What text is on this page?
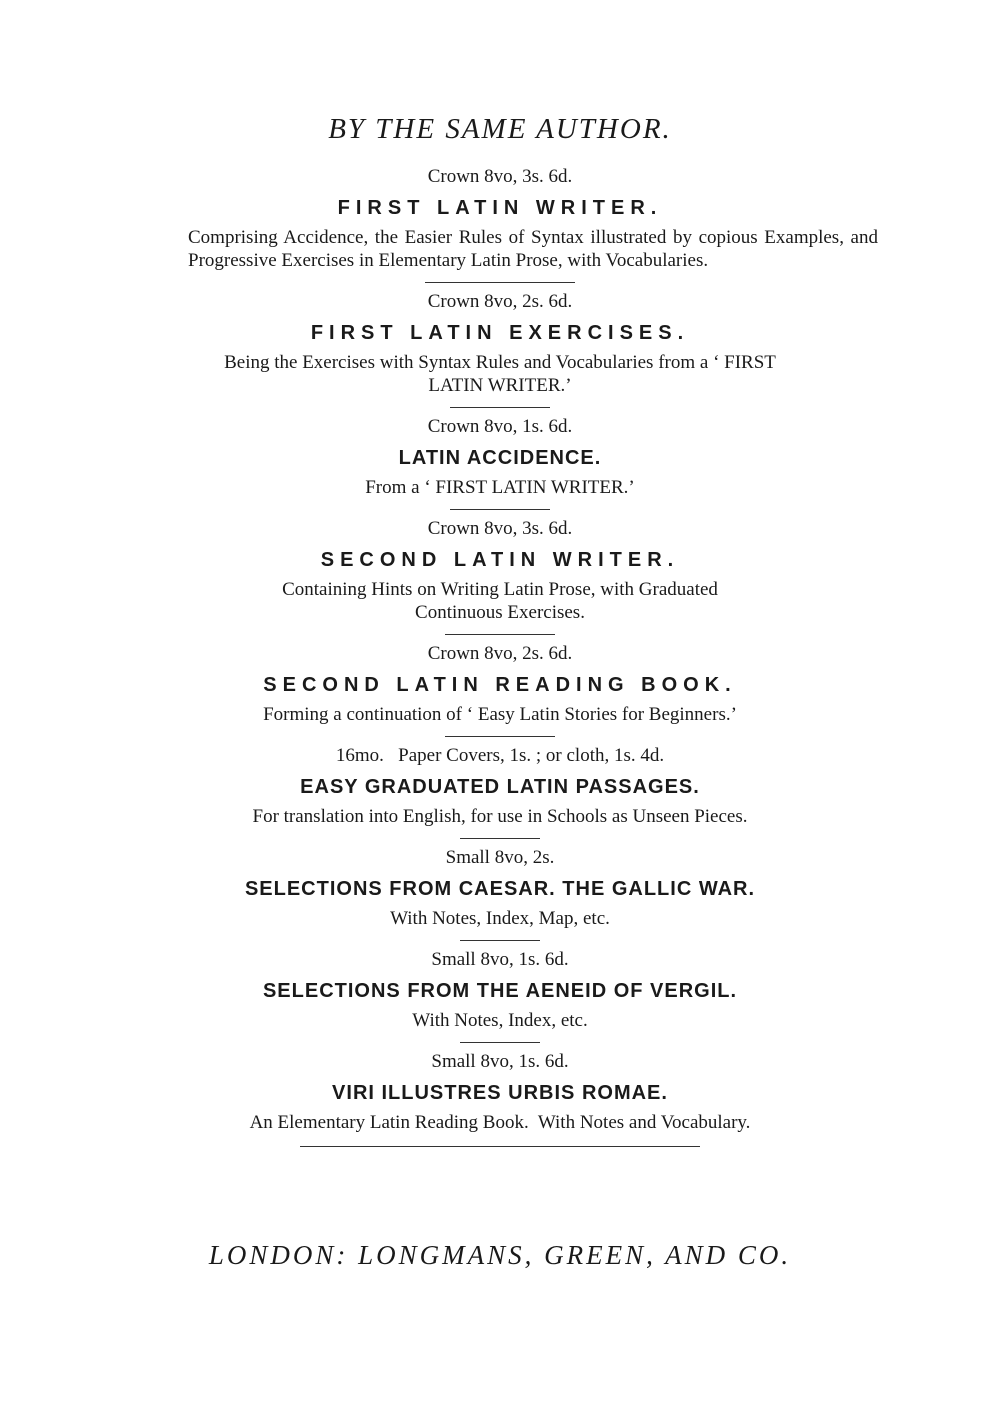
BY THE SAME AUTHOR.
Crown 8vo, 3s. 6d.
FIRST LATIN WRITER.
Comprising Accidence, the Easier Rules of Syntax illustrated by copious Examples, and Progressive Exercises in Elementary Latin Prose, with Vocabularies.
Crown 8vo, 2s. 6d.
FIRST LATIN EXERCISES.
Being the Exercises with Syntax Rules and Vocabularies from a ‘ FIRST LATIN WRITER.’
Crown 8vo, 1s. 6d.
LATIN ACCIDENCE.
From a ‘ FIRST LATIN WRITER.’
Crown 8vo, 3s. 6d.
SECOND LATIN WRITER.
Containing Hints on Writing Latin Prose, with Graduated Continuous Exercises.
Crown 8vo, 2s. 6d.
SECOND LATIN READING BOOK.
Forming a continuation of ‘ Easy Latin Stories for Beginners.’
16mo.   Paper Covers, 1s. ; or cloth, 1s. 4d.
EASY GRADUATED LATIN PASSAGES.
For translation into English, for use in Schools as Unseen Pieces.
Small 8vo, 2s.
SELECTIONS FROM CAESAR. THE GALLIC WAR.
With Notes, Index, Map, etc.
Small 8vo, 1s. 6d.
SELECTIONS FROM THE AENEID OF VERGIL.
With Notes, Index, etc.
Small 8vo, 1s. 6d.
VIRI ILLUSTRES URBIS ROMAE.
An Elementary Latin Reading Book.  With Notes and Vocabulary.
LONDON: LONGMANS, GREEN, AND CO.
